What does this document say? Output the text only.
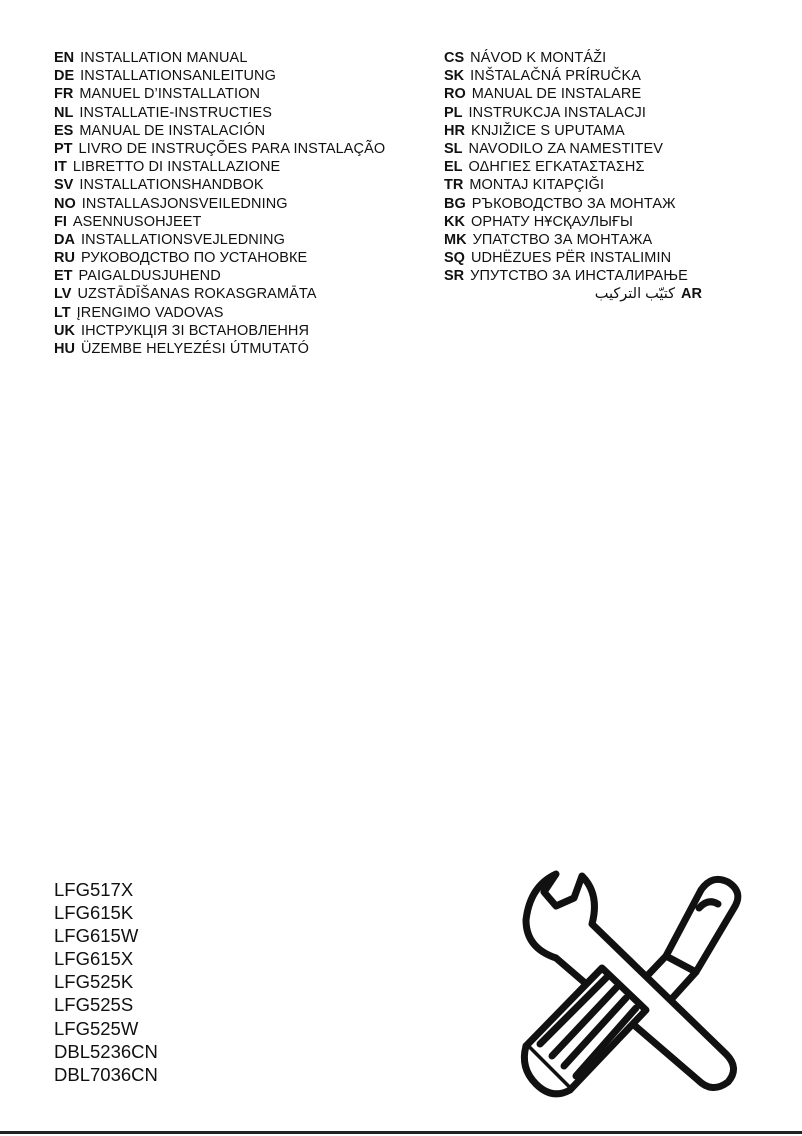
EN INSTALLATION MANUAL
DE INSTALLATIONSANLEITUNG
FR MANUEL D’INSTALLATION
NL INSTALLATIE-INSTRUCTIES
ES MANUAL DE INSTALACIÓN
PT LIVRO DE INSTRUÇÕES PARA INSTALAÇÃO
IT LIBRETTO DI INSTALLAZIONE
SV INSTALLATIONSHANDBOK
NO INSTALLASJONSVEILEDNING
FI ASENNUSOHJEET
DA INSTALLATIONSVEJLEDNING
RU РУКОВОДСТВО ПО УСТАНОВКЕ
ET PAIGALDUSJUHEND
LV UZSTĀDĪŠANAS ROKASGRAMĀTA
LT ĮRENGIMO VADOVAS
UK ІНСТРУКЦІЯ ЗІ ВСТАНОВЛЕННЯ
HU ÜZEMBE HELYEZÉSI ÚTMUTATÓ
CS NÁVOD K MONTÁŽI
SK INŠTALAČNÁ PRÍRUČKA
RO MANUAL DE INSTALARE
PL INSTRUKCJA INSTALACJI
HR KNJIŽICE S UPUTAMA
SL NAVODILO ZA NAMESTITEV
EL ΟΔΗΓΙΕΣ ΕΓΚΑΤΑΣΤΑΣΗΣ
TR MONTAJ KITAPÇIĞI
BG РЪКОВОДСТВО ЗА МОНТАЖ
KK ОРНАТУ НҰСҚАУЛЫҒЫ
MK УПАТСТВО ЗА МОНТАЖА
SQ UDHËZUES PËR INSTALIMIN
SR УПУТСТВО ЗА ИНСТАЛИРАЊЕ
كتيّب التركيب AR
LFG517X
LFG615K
LFG615W
LFG615X
LFG525K
LFG525S
LFG525W
DBL5236CN
DBL7036CN
